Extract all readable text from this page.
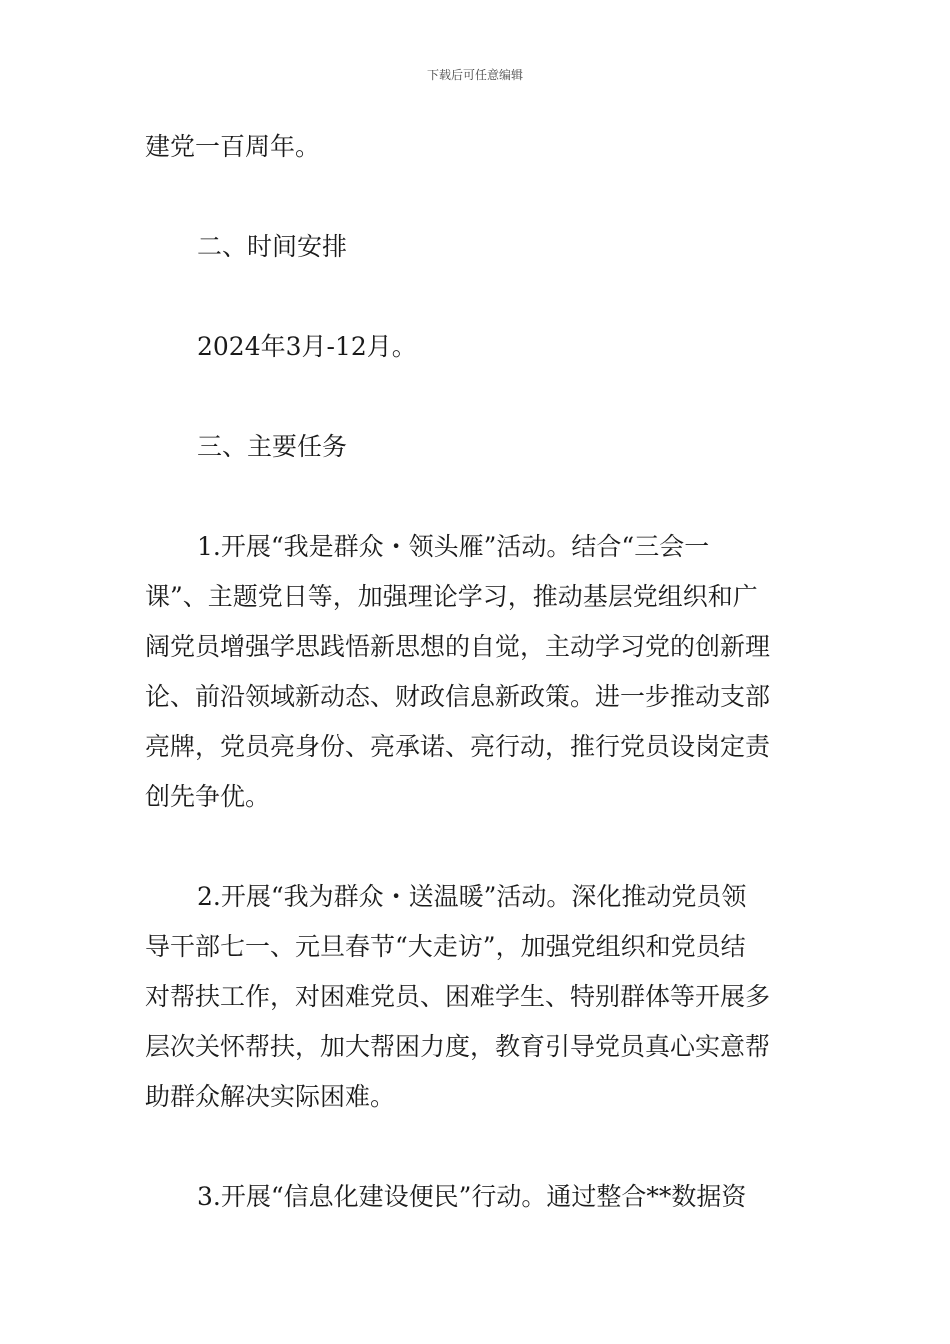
下载后可任意编辑
建党一百周年。
二、时间安排
2024年3月-12月。
三、主要任务
1.开展“我是群众・领头雁”活动。结合“三会一
课”、主题党日等，加强理论学习，推动基层党组织和广
阔党员增强学思践悟新思想的自觉，主动学习党的创新理
论、前沿领域新动态、财政信息新政策。进一步推动支部
亮牌，党员亮身份、亮承诺、亮行动，推行党员设岗定责
创先争优。
2.开展“我为群众・送温暖”活动。深化推动党员领
导干部七一、元旦春节“大走访”，加强党组织和党员结
对帮扶工作，对困难党员、困难学生、特别群体等开展多
层次关怀帮扶，加大帮困力度，教育引导党员真心实意帮
助群众解决实际困难。
3.开展“信息化建设便民”行动。通过整合**数据资
